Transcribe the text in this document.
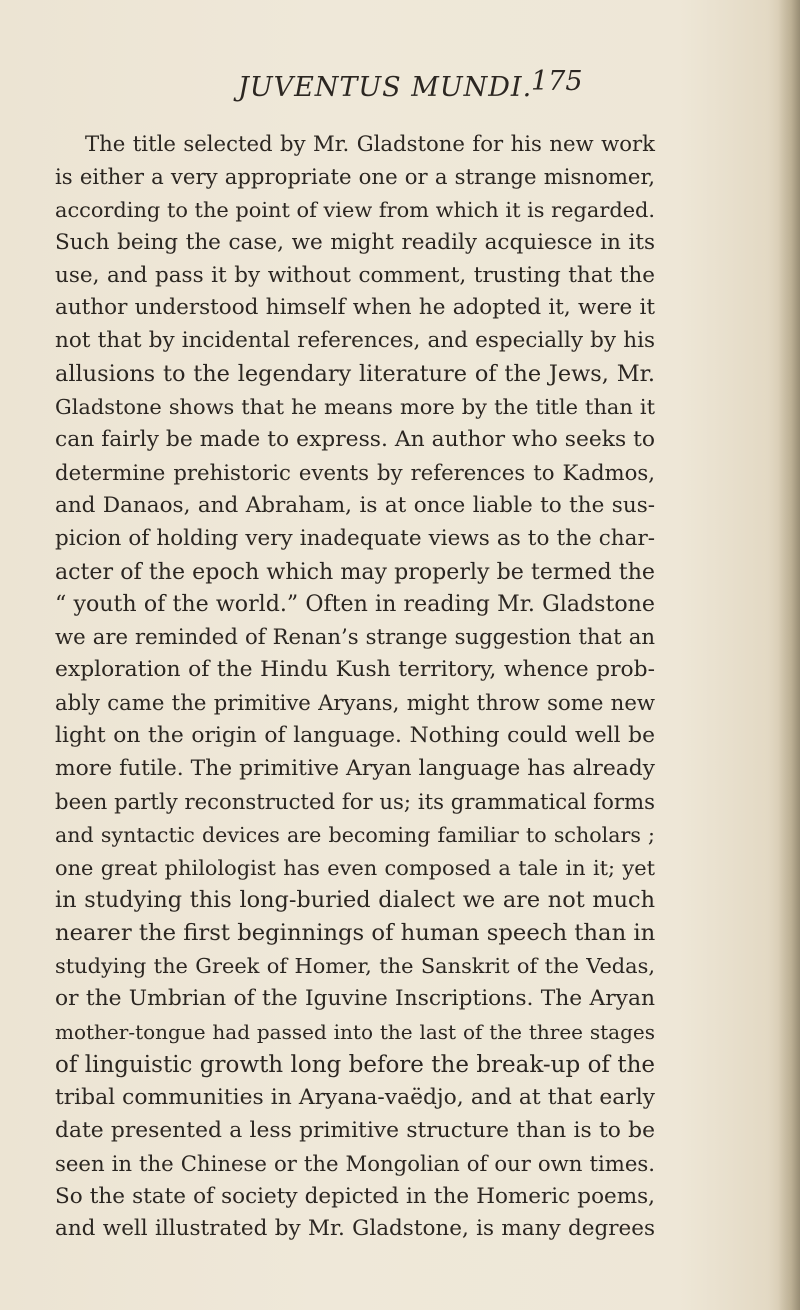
JUVENTUS MUNDI.
175
The title selected by Mr. Gladstone for his new work
is either a very appropriate one or a strange misnomer,
according to the point of view from which it is regarded.
Such being the case, we might readily acquiesce in its
use, and pass it by without comment, trusting that the
author understood himself when he adopted it, were it
not that by incidental references, and especially by his
allusions to the legendary literature of the Jews, Mr.
Gladstone shows that he means more by the title than it
can fairly be made to express. An author who seeks to
determine prehistoric events by references to Kadmos,
and Danaos, and Abraham, is at once liable to the sus-
picion of holding very inadequate views as to the char-
acter of the epoch which may properly be termed the
“ youth of the world.” Often in reading Mr. Gladstone
we are reminded of Renan’s strange suggestion that an
exploration of the Hindu Kush territory, whence prob-
ably came the primitive Aryans, might throw some new
light on the origin of language. Nothing could well be
more futile. The primitive Aryan language has already
been partly reconstructed for us; its grammatical forms
and syntactic devices are becoming familiar to scholars ;
one great philologist has even composed a tale in it; yet
in studying this long-buried dialect we are not much
nearer the first beginnings of human speech than in
studying the Greek of Homer, the Sanskrit of the Vedas,
or the Umbrian of the Iguvine Inscriptions. The Aryan
mother-tongue had passed into the last of the three stages
of linguistic growth long before the break-up of the
tribal communities in Aryana-vaëdjo, and at that early
date presented a less primitive structure than is to be
seen in the Chinese or the Mongolian of our own times.
So the state of society depicted in the Homeric poems,
and well illustrated by Mr. Gladstone, is many degrees
